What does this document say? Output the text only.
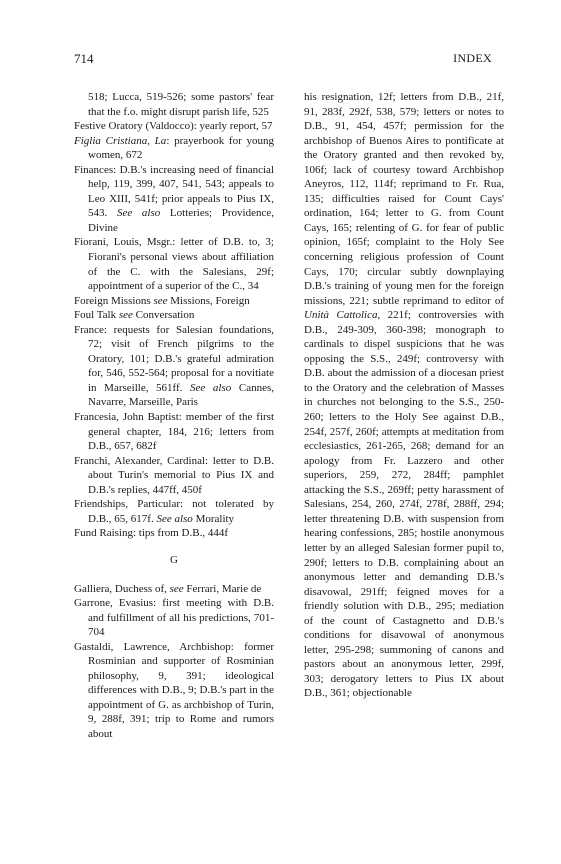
714	INDEX

518; Lucca, 519-526; some pastors' fear that the f.o. might disrupt parish life, 525

Festive Oratory (Valdocco): yearly report, 57

Figlia Cristiana, La: prayerbook for young women, 672

Finances: D.B.'s increasing need of financial help, 119, 399, 407, 541, 543; appeals to Leo XIII, 541f; prior appeals to Pius IX, 543. See also Lotteries; Providence, Divine

Fiorani, Louis, Msgr.: letter of D.B. to, 3; Fiorani's personal views about affiliation of the C. with the Salesians, 29f; appointment of a superior of the C., 34

Foreign Missions see Missions, Foreign

Foul Talk see Conversation

France: requests for Salesian foundations, 72; visit of French pilgrims to the Oratory, 101; D.B.'s grateful admiration for, 546, 552-564; proposal for a novitiate in Marseille, 561ff. See also Cannes, Navarre, Marseille, Paris

Francesia, John Baptist: member of the first general chapter, 184, 216; letters from D.B., 657, 682f

Franchi, Alexander, Cardinal: letter to D.B. about Turin's memorial to Pius IX and D.B.'s replies, 447ff, 450f

Friendships, Particular: not tolerated by D.B., 65, 617f. See also Morality

Fund Raising: tips from D.B., 444f

G

Galliera, Duchess of, see Ferrari, Marie de

Garrone, Evasius: first meeting with D.B. and fulfillment of all his predictions, 701-704

Gastaldi, Lawrence, Archbishop: former Rosminian and supporter of Rosminian philosophy, 9, 391; ideological differences with D.B., 9; D.B.'s part in the appointment of G. as archbishop of Turin, 9, 288f, 391; trip to Rome and rumors about

his resignation, 12f; letters from D.B., 21f, 91, 283f, 292f, 538, 579; letters or notes to D.B., 91, 454, 457f; permission for the archbishop of Buenos Aires to pontificate at the Oratory granted and then revoked by, 106f; lack of courtesy toward Archbishop Aneyros, 112, 114f; reprimand to Fr. Rua, 135; difficulties raised for Count Cays' ordination, 164; letter to G. from Count Cays, 165; relenting of G. for fear of public opinion, 165f; complaint to the Holy See concerning religious profession of Count Cays, 170; circular subtly downplaying D.B.'s training of young men for the foreign missions, 221; subtle reprimand to editor of Unità Cattolica, 221f; controversies with D.B., 249-309, 360-398; monograph to cardinals to dispel suspicions that he was opposing the S.S., 249f; controversy with D.B. about the admission of a diocesan priest to the Oratory and the celebration of Masses in churches not belonging to the S.S., 250-260; letters to the Holy See against D.B., 254f, 257f, 260f; attempts at meditation from ecclesiastics, 261-265, 268; demand for an apology from Fr. Lazzero and other superiors, 259, 272, 284ff; pamphlet attacking the S.S., 269ff; petty harassment of Salesians, 254, 260, 274f, 278f, 288ff, 294; letter threatening D.B. with suspension from hearing confessions, 285; hostile anonymous letter by an alleged Salesian former pupil to, 290f; letters to D.B. complaining about an anonymous letter and demanding D.B.'s disavowal, 291ff; feigned moves for a friendly solution with D.B., 295; mediation of the count of Castagnetto and D.B.'s conditions for disavowal of anonymous letter, 295-298; summoning of canons and pastors about an anonymous letter, 299f, 303; derogatory letters to Pius IX about D.B., 361; objectionable
